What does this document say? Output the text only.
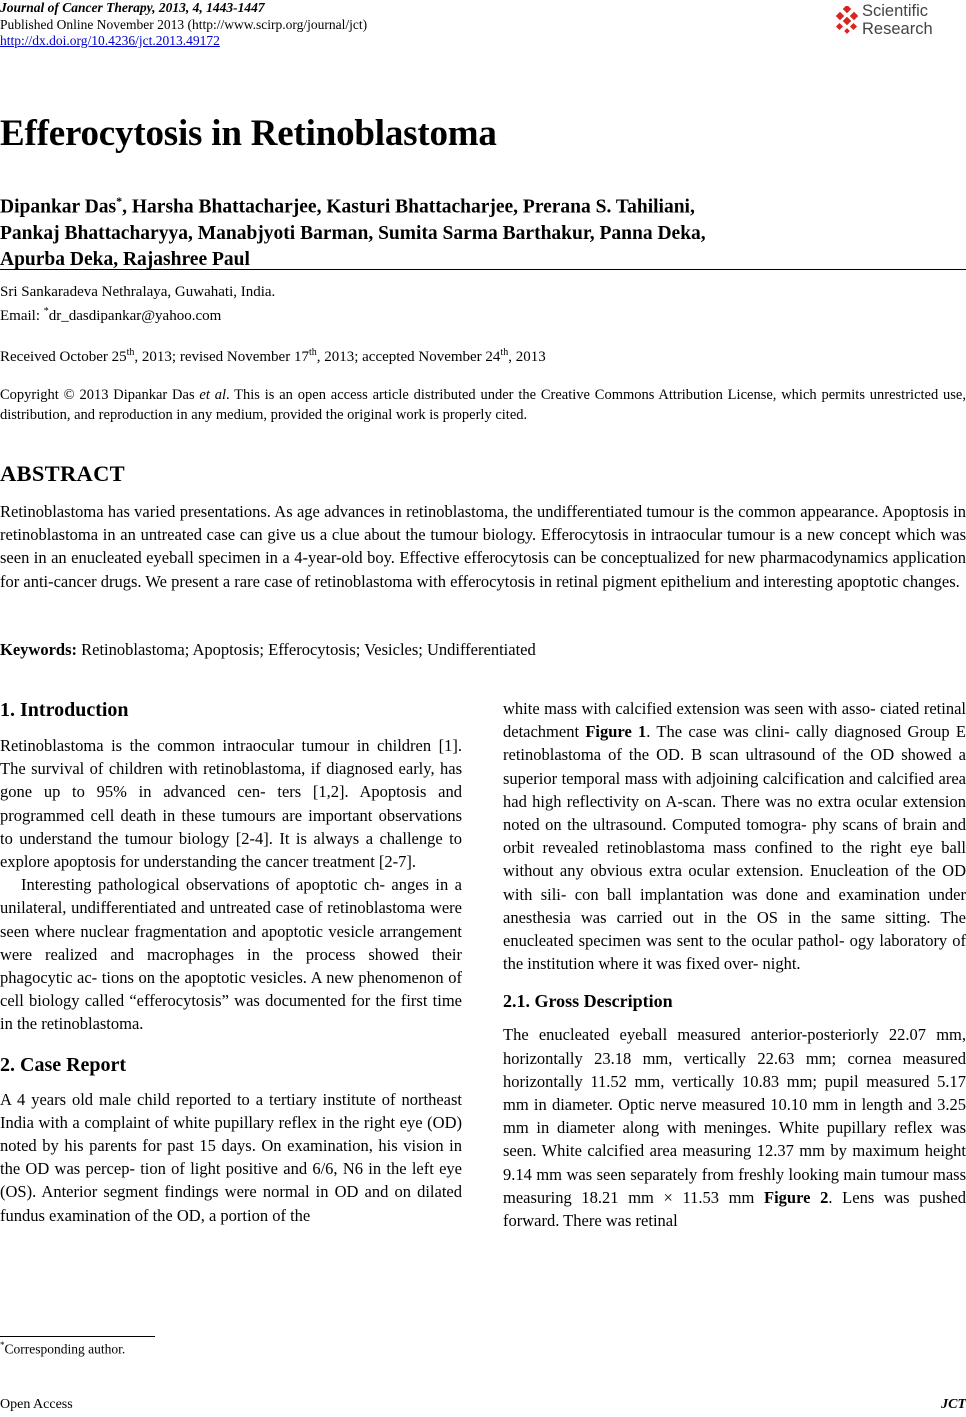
Journal of Cancer Therapy, 2013, 4, 1443-1447
Published Online November 2013 (http://www.scirp.org/journal/jct)
http://dx.doi.org/10.4236/jct.2013.49172
Scientific
Research
Efferocytosis in Retinoblastoma
Dipankar Das*, Harsha Bhattacharjee, Kasturi Bhattacharjee, Prerana S. Tahiliani,
Pankaj Bhattacharyya, Manabjyoti Barman, Sumita Sarma Barthakur, Panna Deka,
Apurba Deka, Rajashree Paul
Sri Sankaradeva Nethralaya, Guwahati, India.
Email: *dr_dasdipankar@yahoo.com
Received October 25th, 2013; revised November 17th, 2013; accepted November 24th, 2013
Copyright © 2013 Dipankar Das et al. This is an open access article distributed under the Creative Commons Attribution License, which permits unrestricted use, distribution, and reproduction in any medium, provided the original work is properly cited.
ABSTRACT
Retinoblastoma has varied presentations. As age advances in retinoblastoma, the undifferentiated tumour is the common appearance. Apoptosis in retinoblastoma in an untreated case can give us a clue about the tumour biology. Efferocytosis in intraocular tumour is a new concept which was seen in an enucleated eyeball specimen in a 4-year-old boy. Effective efferocytosis can be conceptualized for new pharmacodynamics application for anti-cancer drugs. We present a rare case of retinoblastoma with efferocytosis in retinal pigment epithelium and interesting apoptotic changes.
Keywords: Retinoblastoma; Apoptosis; Efferocytosis; Vesicles; Undifferentiated
1. Introduction

Retinoblastoma is the common intraocular tumour in children [1]. The survival of children with retinoblastoma, if diagnosed early, has gone up to 95% in advanced cen- ters [1,2]. Apoptosis and programmed cell death in these tumours are important observations to understand the tumour biology [2-4]. It is always a challenge to explore apoptosis for understanding the cancer treatment [2-7].

Interesting pathological observations of apoptotic ch- anges in a unilateral, undifferentiated and untreated case of retinoblastoma were seen where nuclear fragmentation and apoptotic vesicle arrangement were realized and macrophages in the process showed their phagocytic ac- tions on the apoptotic vesicles. A new phenomenon of cell biology called “efferocytosis” was documented for the first time in the retinoblastoma.

2. Case Report

A 4 years old male child reported to a tertiary institute of northeast India with a complaint of white pupillary reflex in the right eye (OD) noted by his parents for past 15 days. On examination, his vision in the OD was percep- tion of light positive and 6/6, N6 in the left eye (OS). Anterior segment findings were normal in OD and on dilated fundus examination of the OD, a portion of the

white mass with calcified extension was seen with asso- ciated retinal detachment Figure 1. The case was clini- cally diagnosed Group E retinoblastoma of the OD. B scan ultrasound of the OD showed a superior temporal mass with adjoining calcification and calcified area had high reflectivity on A-scan. There was no extra ocular extension noted on the ultrasound. Computed tomogra- phy scans of brain and orbit revealed retinoblastoma mass confined to the right eye ball without any obvious extra ocular extension. Enucleation of the OD with sili- con ball implantation was done and examination under anesthesia was carried out in the OS in the same sitting. The enucleated specimen was sent to the ocular pathol- ogy laboratory of the institution where it was fixed over- night.

2.1. Gross Description

The enucleated eyeball measured anterior-posteriorly 22.07 mm, horizontally 23.18 mm, vertically 22.63 mm; cornea measured horizontally 11.52 mm, vertically 10.83 mm; pupil measured 5.17 mm in diameter. Optic nerve measured 10.10 mm in length and 3.25 mm in diameter along with meninges. White pupillary reflex was seen. White calcified area measuring 12.37 mm by maximum height 9.14 mm was seen separately from freshly looking main tumour mass measuring 18.21 mm × 11.53 mm Figure 2. Lens was pushed forward. There was retinal

*Corresponding author.
Open Access	JCT
